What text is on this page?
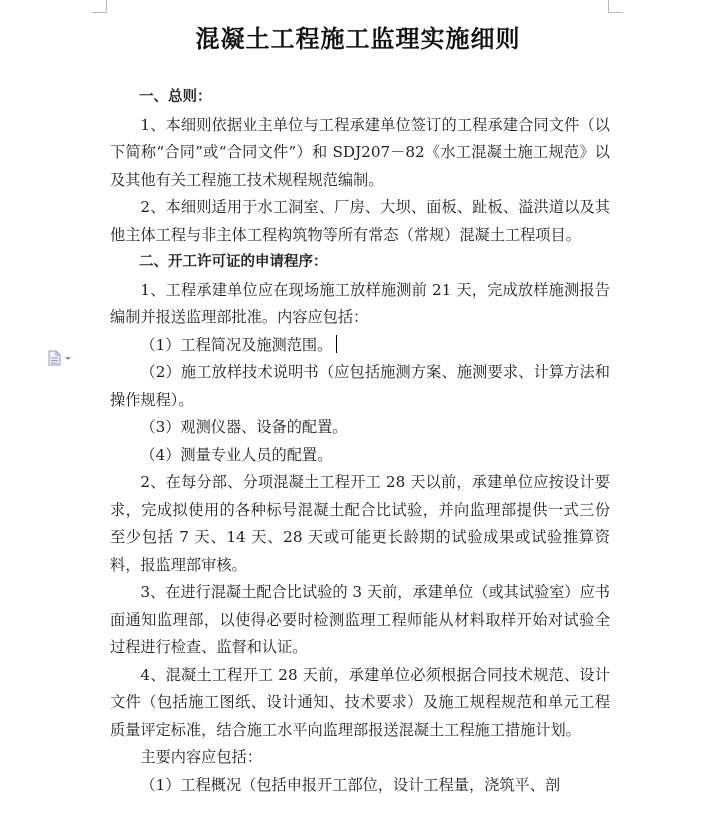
混凝土工程施工监理实施细则

一、总则：

1、本细则依据业主单位与工程承建单位签订的工程承建合同文件（以下简称“合同”或“合同文件”）和 SDJ207－82《水工混凝土施工规范》以及其他有关工程施工技术规程规范编制。

2、本细则适用于水工洞室、厂房、大坝、面板、趾板、溢洪道以及其他主体工程与非主体工程构筑物等所有常态（常规）混凝土工程项目。

二、开工许可证的申请程序：

1、工程承建单位应在现场施工放样施测前 21 天，完成放样施测报告编制并报送监理部批准。内容应包括：

（1）工程简况及施测范围。

（2）施工放样技术说明书（应包括施测方案、施测要求、计算方法和操作规程）。

（3）观测仪器、设备的配置。

（4）测量专业人员的配置。

2、在每分部、分项混凝土工程开工 28 天以前，承建单位应按设计要求，完成拟使用的各种标号混凝土配合比试验，并向监理部提供一式三份至少包括 7 天、14 天、28 天或可能更长龄期的试验成果或试验推算资料，报监理部审核。

3、在进行混凝土配合比试验的 3 天前，承建单位（或其试验室）应书面通知监理部，以使得必要时检测监理工程师能从材料取样开始对试验全过程进行检查、监督和认证。

4、混凝土工程开工 28 天前，承建单位必须根据合同技术规范、设计文件（包括施工图纸、设计通知、技术要求）及施工规程规范和单元工程质量评定标准，结合施工水平向监理部报送混凝土工程施工措施计划。

主要内容应包括：

（1）工程概况（包括申报开工部位，设计工程量，浇筑平、剖
